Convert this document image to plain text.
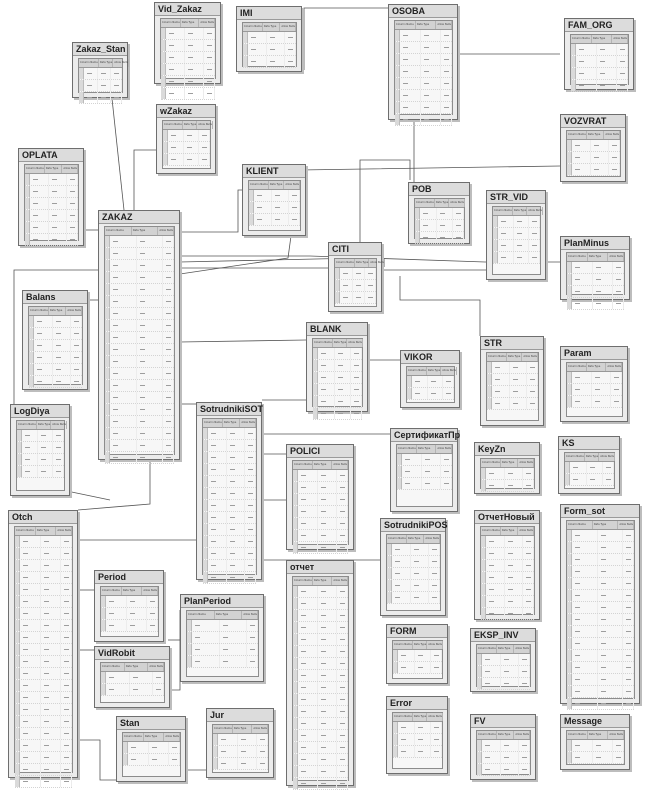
Vid_Zakaz
Column Name Data Type	Allow Nulls
IMI
Column Name Data Type	Allow Nulls
OSOBA
Column Name	Data Type	Allow Nulls	FAM_ORG
Column Name	Data Type	Allow Nulls
Zakaz_Stan
Column Name Data Type Allow Nulls
wZakaz
Column Name Data Type Allow Nulls	VOZVRAT
Column Name Data Type	Allow Nulls
OPLATA
Column Name Data Type	Allow Nulls	KLIENT
Column Name Data Type	Allow Nulls	POB
Column Name Data Type Allow Nulls
STR_VID
Column Name Data Type Allow Nulls
ZAKAZ
Column Name	Data Type	Allow Nulls
CITI
Column Name Data Type Allow Nulls
PlanMinus
Column Name	Data Type	Allow Nulls
Balans
Column Name Data Type	Allow Nulls
BLANK
Column Name Data Type Allow Nulls
VIKOR
Column Name Data Type Allow Nulls
STR
Column Name Data Type	Allow Nulls	Param
Column Name Data Type	Allow Nulls
LogDiya
Column Name Data Type Allow Nulls
SotrudnikiSOT
Column Name Data Type	Allow Nulls
СертификатПр
Column Name Data Type	Allow Nulls	KeyZn
Column Name Data Type	Allow Nulls
KS
Column Name Data Type Allow Nulls
POLICI
Column Name Data Type	Allow Nulls
Otch
Column Name	Data Type	Allow Nulls
ОтчетНовый
Column Name Data Type	Allow Nulls
Form_sot
Column Name	Data Type	Allow Nulls
SotrudnikiPOS
Column Name Data Type	Allow Nulls
Period
Column Name	Data Type	Allow Nulls
отчет
Column Name Data Type	Allow Nulls
PlanPeriod
Column Name	Data Type	Allow Nulls
FORM
Column Name Data Type Allow Nulls
EKSP_INV
Column Name Data Type	Allow Nulls
VidRobit
Column Name	Data Type	Allow Nulls
Error
Column Name Data Type Allow Nulls
Stan
Column Name	Data Type	Allow Nulls
Jur
Column Name Data Type	Allow Nulls
FV
Column Name Data Type	Allow Nulls
Message
Column Name	Data Type	Allow Nulls
